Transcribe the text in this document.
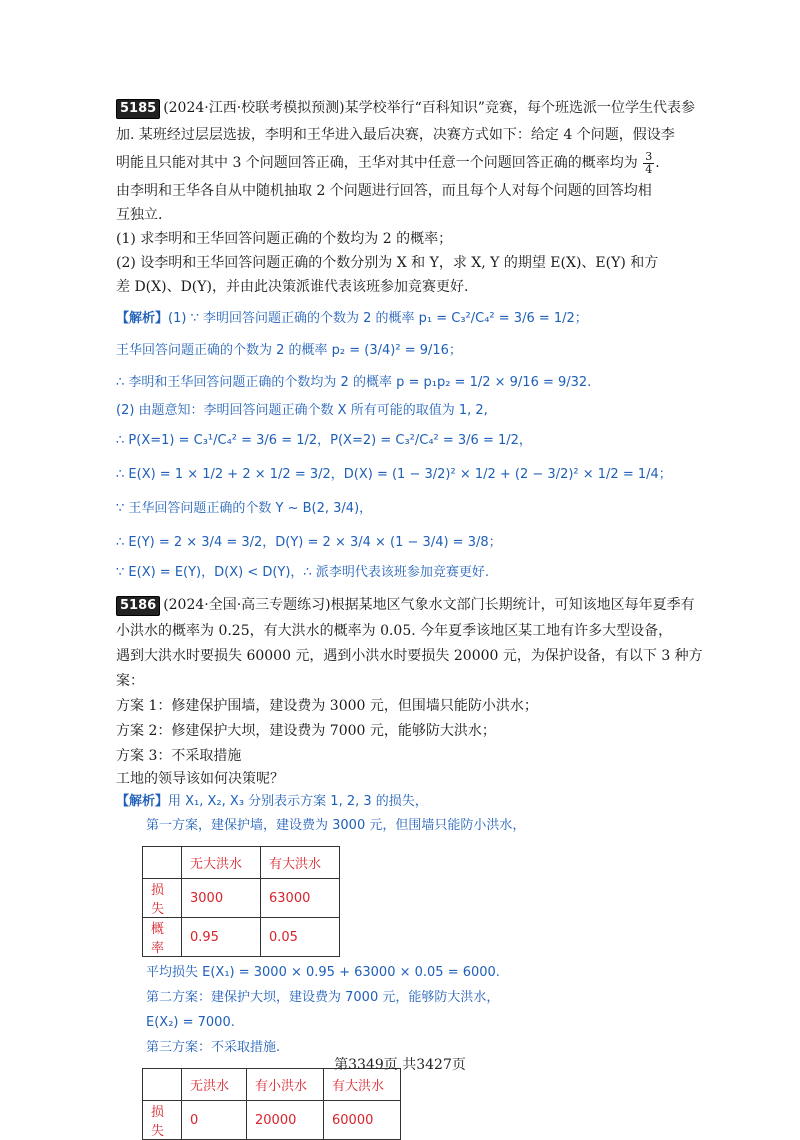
5185 (2024·江西·校联考模拟预测)某学校举行“百科知识”竞赛，每个班选派一位学生代表参
加. 某班经过层层选拔，李明和王华进入最后决赛，决赛方式如下：给定 4 个问题，假设李
明能且只能对其中 3 个问题回答正确，王华对其中任意一个问题回答正确的概率均为 $\frac{3}{4}$ .
由李明和王华各自从中随机抽取 2 个问题进行回答，而且每个人对每个问题的回答均相
互独立.
(1) 求李明和王华回答问题正确的个数均为 2 的概率；
(2) 设李明和王华回答问题正确的个数分别为 X 和 Y，求 X, Y 的期望 E(X)、E(Y) 和方
差 D(X)、D(Y)，并由此决策派谁代表该班参加竞赛更好.
【解析】(1) ∵ 李明回答问题正确的个数为 2 的概率 p₁ = C₃²/C₄² = 3/6 = 1/2；
王华回答问题正确的个数为 2 的概率 p₂ = (3/4)² = 9/16；
∴ 李明和王华回答问题正确的个数均为 2 的概率 p = p₁p₂ = 1/2 × 9/16 = 9/32.
(2) 由题意知：李明回答问题正确个数 X 所有可能的取值为 1, 2,
∴ P(X=1) = C₃¹/C₄² = 3/6 = 1/2，P(X=2) = C₃²/C₄² = 3/6 = 1/2，
∴ E(X) = 1 × 1/2 + 2 × 1/2 = 3/2，D(X) = (1 − 3/2)² × 1/2 + (2 − 3/2)² × 1/2 = 1/4；
∵ 王华回答问题正确的个数 Y ~ B(2, 3/4)，
∴ E(Y) = 2 × 3/4 = 3/2，D(Y) = 2 × 3/4 × (1 − 3/4) = 3/8；
∵ E(X) = E(Y)，D(X) < D(Y)，∴ 派李明代表该班参加竞赛更好.
5186 (2024·全国·高三专题练习)根据某地区气象水文部门长期统计，可知该地区每年夏季有
小洪水的概率为 0.25，有大洪水的概率为 0.05. 今年夏季该地区某工地有许多大型设备，
遇到大洪水时要损失 60000 元，遇到小洪水时要损失 20000 元，为保护设备，有以下 3 种方
案：
方案 1：修建保护围墙，建设费为 3000 元，但围墙只能防小洪水；
方案 2：修建保护大坝，建设费为 7000 元，能够防大洪水；
方案 3：不采取措施
工地的领导该如何决策呢？
【解析】用 X₁, X₂, X₃ 分别表示方案 1, 2, 3 的损失，
第一方案，建保护墙，建设费为 3000 元，但围墙只能防小洪水，
	无大洪水	有大洪水
损失	3000	63000
概率	0.95	0.05
平均损失 E(X₁) = 3000 × 0.95 + 63000 × 0.05 = 6000.
第二方案：建保护大坝，建设费为 7000 元，能够防大洪水，
E(X₂) = 7000.
第三方案：不采取措施.
	无洪水	有小洪水	有大洪水
损失	0	20000	60000
第3349页 共3427页
